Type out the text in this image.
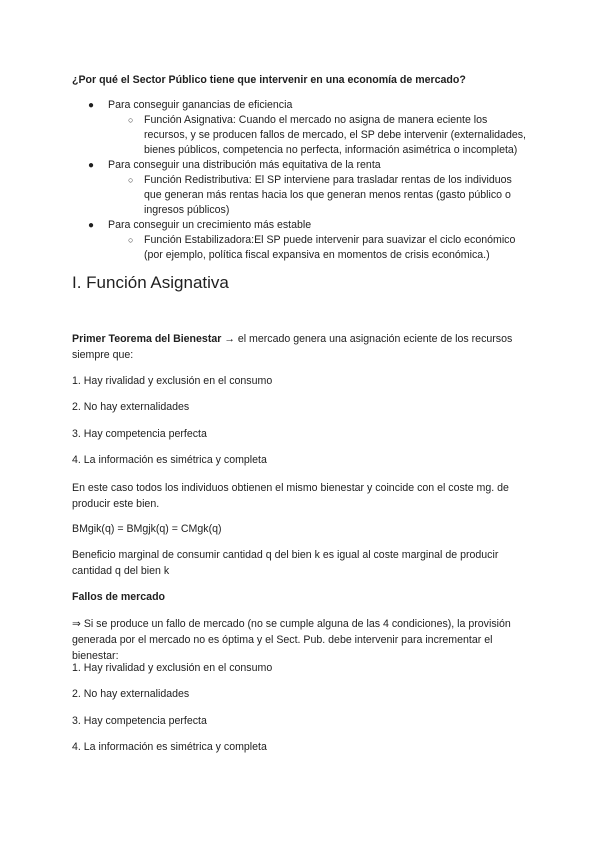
¿Por qué el Sector Público tiene que intervenir en una economía de mercado?
● Para conseguir ganancias de eficiencia
○ Función Asignativa: Cuando el mercado no asigna de manera eciente los recursos, y se producen fallos de mercado, el SP debe intervenir (externalidades, bienes públicos, competencia no perfecta, información asimétrica o incompleta)
● Para conseguir una distribución más equitativa de la renta
○ Función Redistributiva: El SP interviene para trasladar rentas de los individuos que generan más rentas hacia los que generan menos rentas (gasto público o ingresos públicos)
● Para conseguir un crecimiento más estable
○ Función Estabilizadora:El SP puede intervenir para suavizar el ciclo económico (por ejemplo, política fiscal expansiva en momentos de crisis económica.)
I. Función Asignativa
Primer Teorema del Bienestar → el mercado genera una asignación eciente de los recursos siempre que:
1. Hay rivalidad y exclusión en el consumo
2. No hay externalidades
3. Hay competencia perfecta
4. La información es simétrica y completa
En este caso todos los individuos obtienen el mismo bienestar y coincide con el coste mg. de producir este bien.
BMgik(q) = BMgjk(q) = CMgk(q)
Beneficio marginal de consumir cantidad q del bien k es igual al coste marginal de producir cantidad q del bien k
Fallos de mercado
⇒ Si se produce un fallo de mercado (no se cumple alguna de las 4 condiciones), la provisión generada por el mercado no es óptima y el Sect. Pub. debe intervenir para incrementar el bienestar:
1. Hay rivalidad y exclusión en el consumo
2. No hay externalidades
3. Hay competencia perfecta
4. La información es simétrica y completa
